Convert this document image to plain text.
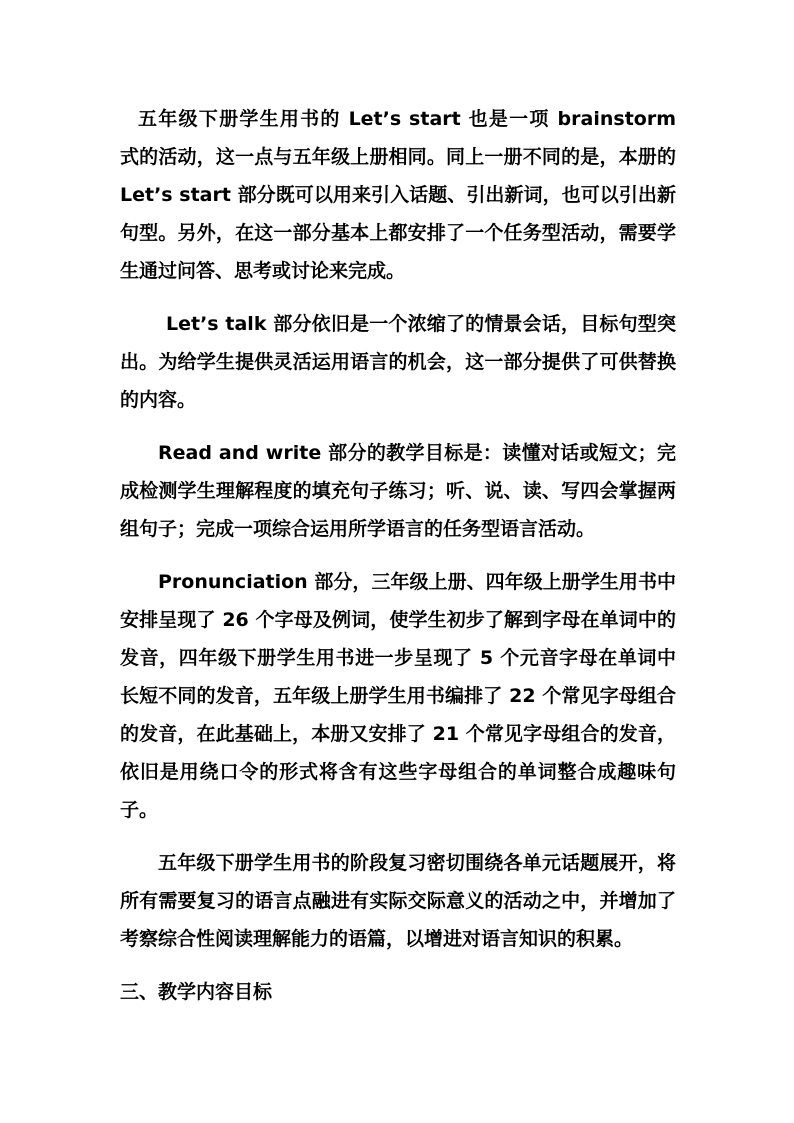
五年级下册学生用书的 Let’s start 也是一项 brainstorm 式的活动，这一点与五年级上册相同。同上一册不同的是，本册的 Let’s start 部分既可以用来引入话题、引出新词，也可以引出新句型。另外，在这一部分基本上都安排了一个任务型活动，需要学生通过问答、思考或讨论来完成。

Let’s talk 部分依旧是一个浓缩了的情景会话，目标句型突出。为给学生提供灵活运用语言的机会，这一部分提供了可供替换的内容。

Read and write 部分的教学目标是：读懂对话或短文；完成检测学生理解程度的填充句子练习；听、说、读、写四会掌握两组句子；完成一项综合运用所学语言的任务型语言活动。

Pronunciation 部分，三年级上册、四年级上册学生用书中安排呈现了 26 个字母及例词，使学生初步了解到字母在单词中的发音，四年级下册学生用书进一步呈现了 5 个元音字母在单词中长短不同的发音，五年级上册学生用书编排了 22 个常见字母组合的发音，在此基础上，本册又安排了 21 个常见字母组合的发音，依旧是用绕口令的形式将含有这些字母组合的单词整合成趣味句子。

五年级下册学生用书的阶段复习密切围绕各单元话题展开，将所有需要复习的语言点融进有实际交际意义的活动之中，并增加了考察综合性阅读理解能力的语篇，以增进对语言知识的积累。

三、教学内容目标
